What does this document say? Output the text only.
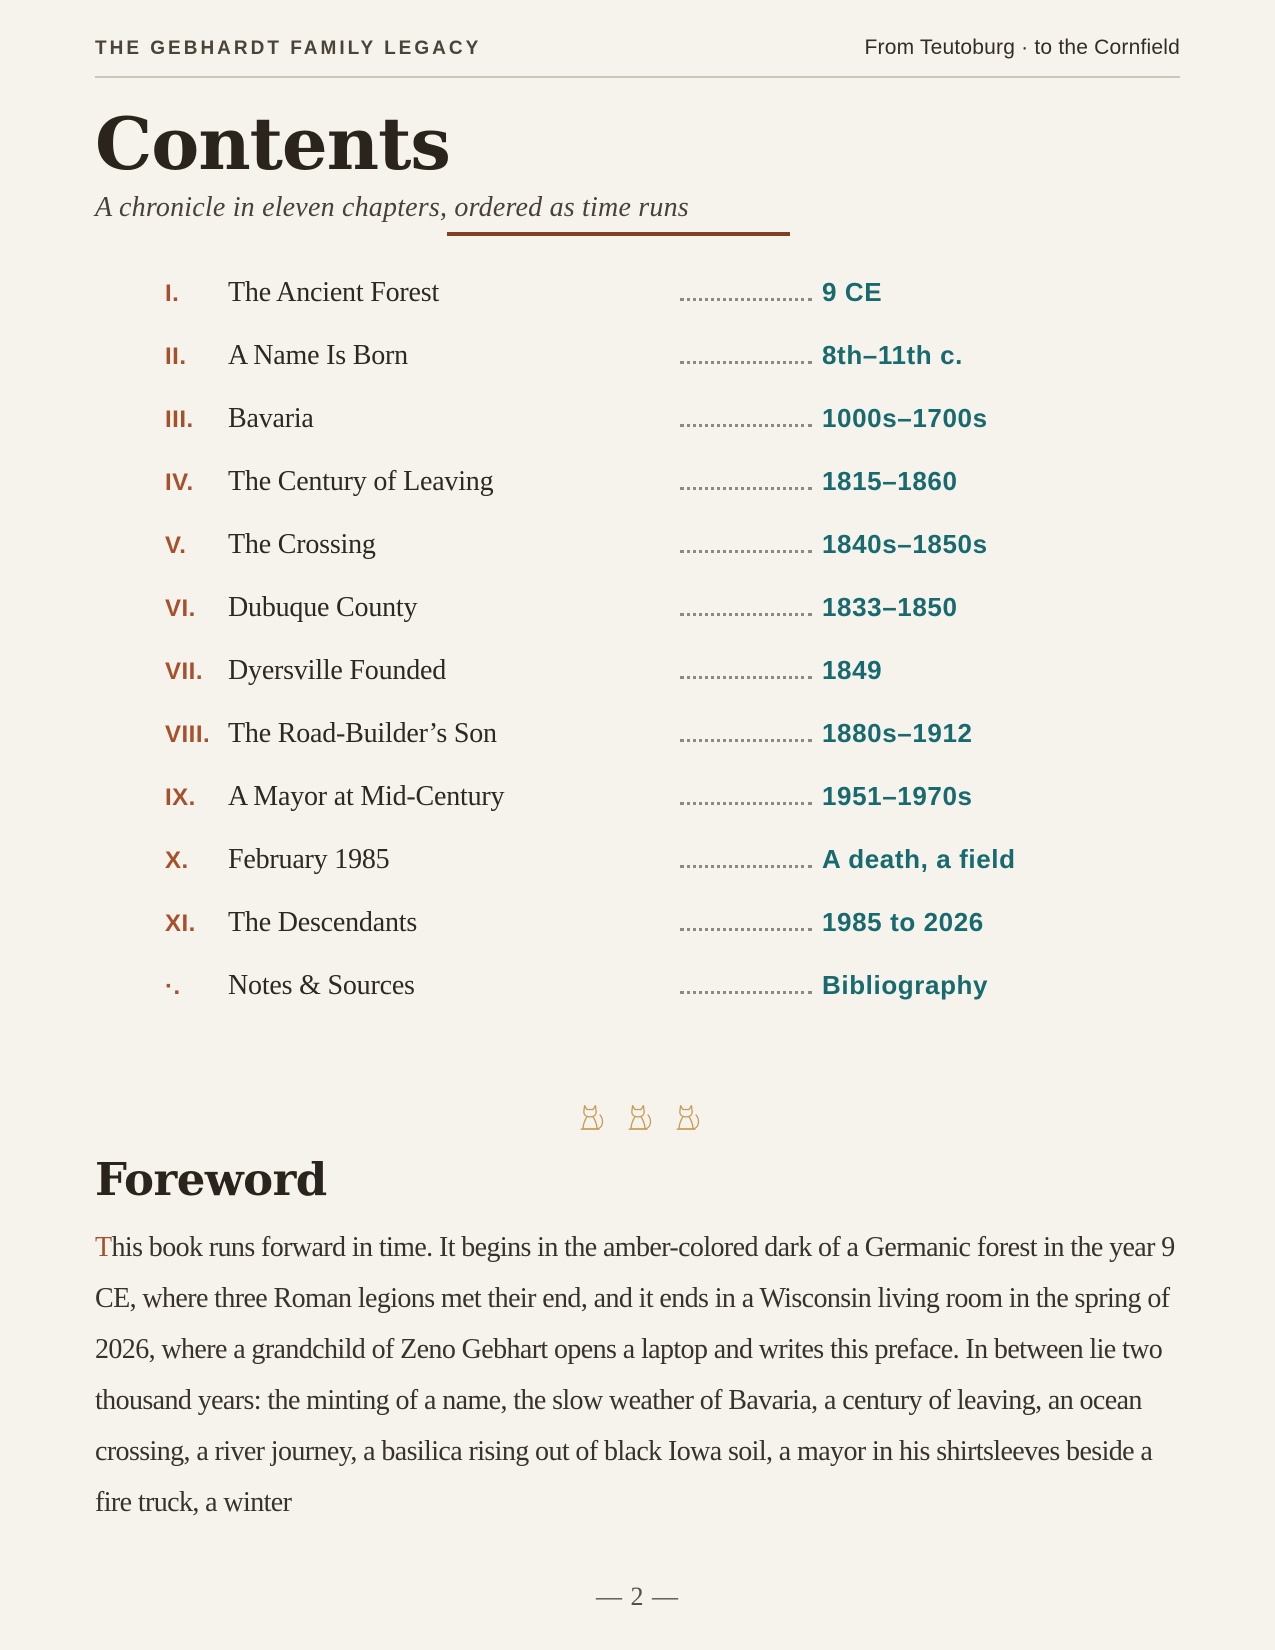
THE GEBHARDT FAMILY LEGACY	From Teutoburg · to the Cornfield
Contents
A chronicle in eleven chapters, ordered as time runs
I.	The Ancient Forest	9 CE
II.	A Name Is Born	8th–11th c.
III.	Bavaria	1000s–1700s
IV.	The Century of Leaving	1815–1860
V.	The Crossing	1840s–1850s
VI.	Dubuque County	1833–1850
VII. Dyersville Founded	1849
VIII. The Road-Builder’s Son	1880s–1912
IX.	A Mayor at Mid-Century	1951–1970s
X.	February 1985	A death, a field
XI.	The Descendants	1985 to 2026
·.	Notes & Sources	Bibliography
Foreword

This book runs forward in time. It begins in the amber-colored dark of a Germanic forest in the year 9 CE, where three Roman legions met their end, and it ends in a Wisconsin living room in the spring of 2026, where a grandchild of Zeno Gebhart opens a laptop and writes this preface. In between lie two thousand years: the minting of a name, the slow weather of Bavaria, a century of leaving, an ocean crossing, a river journey, a basilica rising out of black Iowa soil, a mayor in his shirtsleeves beside a fire truck, a winter

— 2 —
